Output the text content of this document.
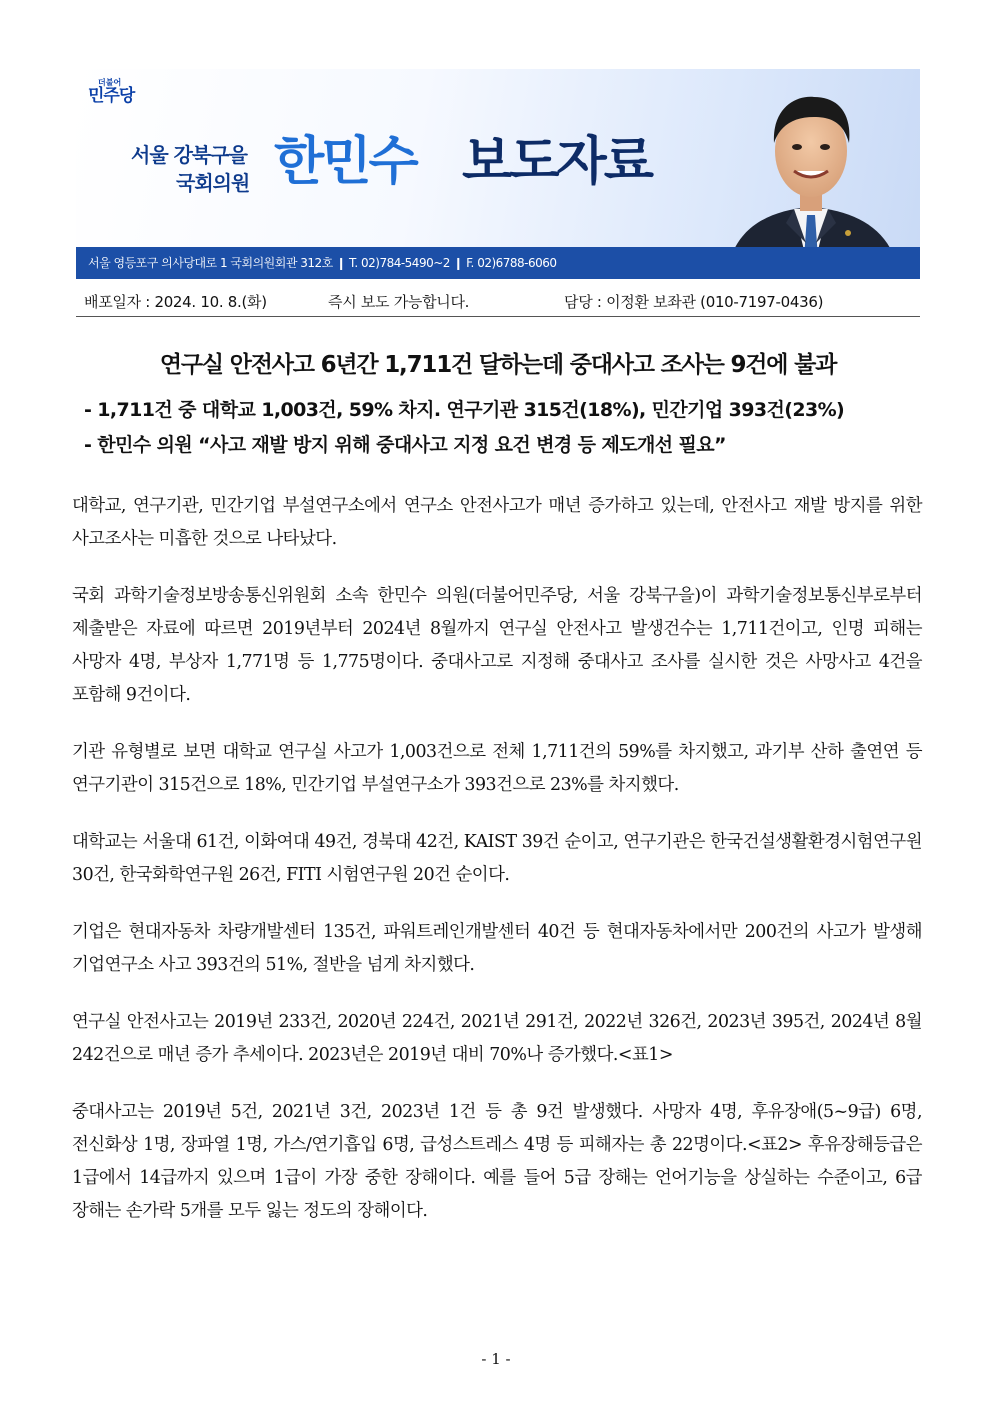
더불어
민주당
서울 강북구을
국회의원 한민수 보도자료
서울 영등포구 의사당대로 1 국회의원회관 312호 ❙ T. 02)784-5490~2 ❙ F. 02)6788-6060
배포일자 : 2024. 10. 8.(화)	즉시 보도 가능합니다.	담당 : 이정환 보좌관 (010-7197-0436)
연구실 안전사고 6년간 1,711건 달하는데 중대사고 조사는 9건에 불과
- 1,711건 중 대학교 1,003건, 59% 차지. 연구기관 315건(18%), 민간기업 393건(23%)
- 한민수 의원 “사고 재발 방지 위해 중대사고 지정 요건 변경 등 제도개선 필요”

대학교, 연구기관, 민간기업 부설연구소에서 연구소 안전사고가 매년 증가하고 있는데, 안전사고 재발 방지를 위한 사고조사는 미흡한 것으로 나타났다.

국회 과학기술정보방송통신위원회 소속 한민수 의원(더불어민주당, 서울 강북구을)이 과학기술정보통신부로부터 제출받은 자료에 따르면 2019년부터 2024년 8월까지 연구실 안전사고 발생건수는 1,711건이고, 인명 피해는 사망자 4명, 부상자 1,771명 등 1,775명이다. 중대사고로 지정해 중대사고 조사를 실시한 것은 사망사고 4건을 포함해 9건이다.

기관 유형별로 보면 대학교 연구실 사고가 1,003건으로 전체 1,711건의 59%를 차지했고, 과기부 산하 출연연 등 연구기관이 315건으로 18%, 민간기업 부설연구소가 393건으로 23%를 차지했다.

대학교는 서울대 61건, 이화여대 49건, 경북대 42건, KAIST 39건 순이고, 연구기관은 한국건설생활환경시험연구원 30건, 한국화학연구원 26건, FITI 시험연구원 20건 순이다.

기업은 현대자동차 차량개발센터 135건, 파워트레인개발센터 40건 등 현대자동차에서만 200건의 사고가 발생해 기업연구소 사고 393건의 51%, 절반을 넘게 차지했다.

연구실 안전사고는 2019년 233건, 2020년 224건, 2021년 291건, 2022년 326건, 2023년 395건, 2024년 8월 242건으로 매년 증가 추세이다. 2023년은 2019년 대비 70%나 증가했다.<표1>

중대사고는 2019년 5건, 2021년 3건, 2023년 1건 등 총 9건 발생했다. 사망자 4명, 후유장애(5~9급) 6명, 전신화상 1명, 장파열 1명, 가스/연기흡입 6명, 급성스트레스 4명 등 피해자는 총 22명이다.<표2> 후유장해등급은 1급에서 14급까지 있으며 1급이 가장 중한 장해이다. 예를 들어 5급 장해는 언어기능을 상실하는 수준이고, 6급 장해는 손가락 5개를 모두 잃는 정도의 장해이다.

- 1 -
